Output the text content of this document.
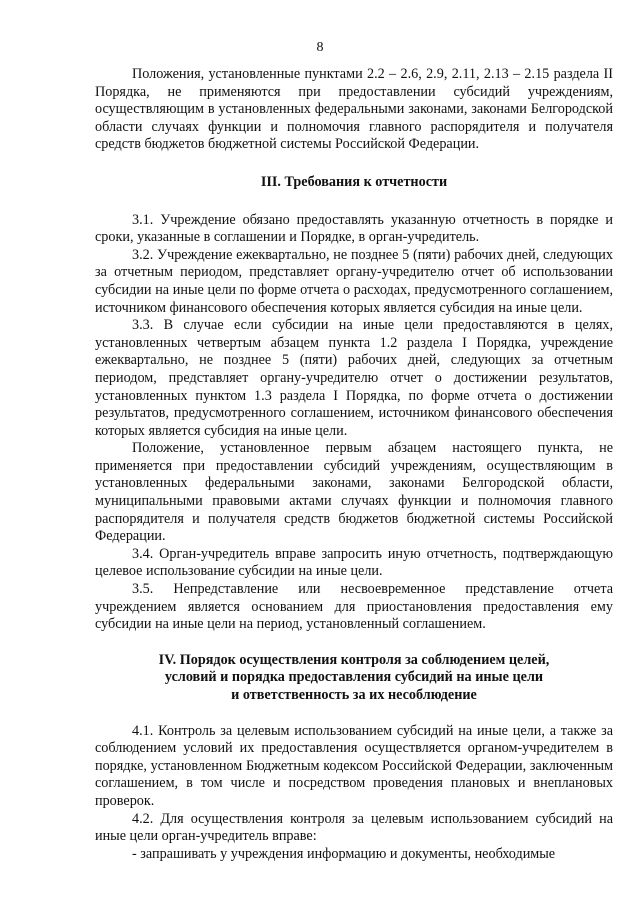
8

Положения, установленные пунктами 2.2 – 2.6, 2.9, 2.11, 2.13 – 2.15 раздела II Порядка, не применяются при предоставлении субсидий учреждениям, осуществляющим в установленных федеральными законами, законами Белгородской области случаях функции и полномочия главного распорядителя и получателя средств бюджетов бюджетной системы Российской Федерации.

III. Требования к отчетности

3.1. Учреждение обязано предоставлять указанную отчетность в порядке и сроки, указанные в соглашении и Порядке, в орган-учредитель.

3.2. Учреждение ежеквартально, не позднее 5 (пяти) рабочих дней, следующих за отчетным периодом, представляет органу-учредителю отчет об использовании субсидии на иные цели по форме отчета о расходах, предусмотренного соглашением, источником финансового обеспечения которых является субсидия на иные цели.

3.3. В случае если субсидии на иные цели предоставляются в целях, установленных четвертым абзацем пункта 1.2 раздела I Порядка, учреждение ежеквартально, не позднее 5 (пяти) рабочих дней, следующих за отчетным периодом, представляет органу-учредителю отчет о достижении результатов, установленных пунктом 1.3 раздела I Порядка, по форме отчета о достижении результатов, предусмотренного соглашением, источником финансового обеспечения которых является субсидия на иные цели.

Положение, установленное первым абзацем настоящего пункта, не применяется при предоставлении субсидий учреждениям, осуществляющим в установленных федеральными законами, законами Белгородской области, муниципальными правовыми актами случаях функции и полномочия главного распорядителя и получателя средств бюджетов бюджетной системы Российской Федерации.

3.4. Орган-учредитель вправе запросить иную отчетность, подтверждающую целевое использование субсидии на иные цели.

3.5. Непредставление или несвоевременное представление отчета учреждением является основанием для приостановления предоставления ему субсидии на иные цели на период, установленный соглашением.

IV. Порядок осуществления контроля за соблюдением целей,
условий и порядка предоставления субсидий на иные цели
и ответственность за их несоблюдение

4.1. Контроль за целевым использованием субсидий на иные цели, а также за соблюдением условий их предоставления осуществляется органом-учредителем в порядке, установленном Бюджетным кодексом Российской Федерации, заключенным соглашением, в том числе и посредством проведения плановых и внеплановых проверок.

4.2. Для осуществления контроля за целевым использованием субсидий на иные цели орган-учредитель вправе:

- запрашивать у учреждения информацию и документы, необходимые
